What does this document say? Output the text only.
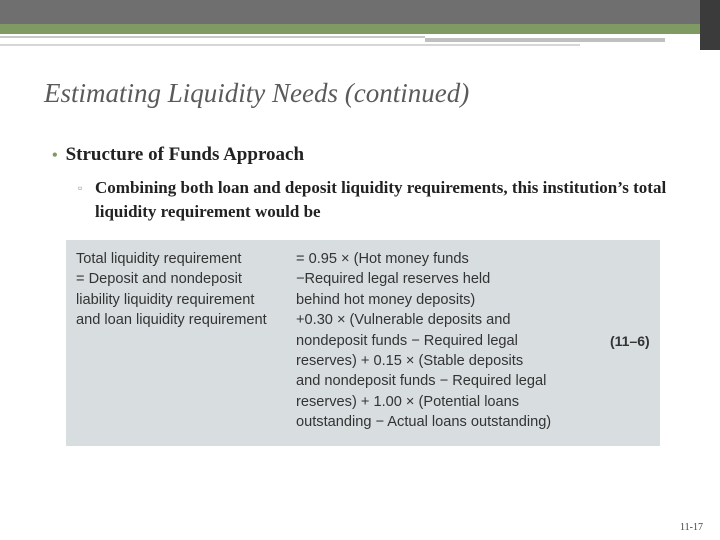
Estimating Liquidity Needs (continued)
• Structure of Funds Approach
▫ Combining both loan and deposit liquidity requirements, this institution’s total liquidity requirement would be
Total liquidity requirement
= Deposit and nondeposit
liability liquidity requirement
and loan liquidity requirement
= 0.95 × (Hot money funds
−Required legal reserves held
behind hot money deposits)
+0.30 × (Vulnerable deposits and
nondeposit funds − Required legal
reserves) + 0.15 × (Stable deposits
and nondeposit funds − Required legal
reserves) + 1.00 × (Potential loans
outstanding − Actual loans outstanding)
(11–6)
11-17
